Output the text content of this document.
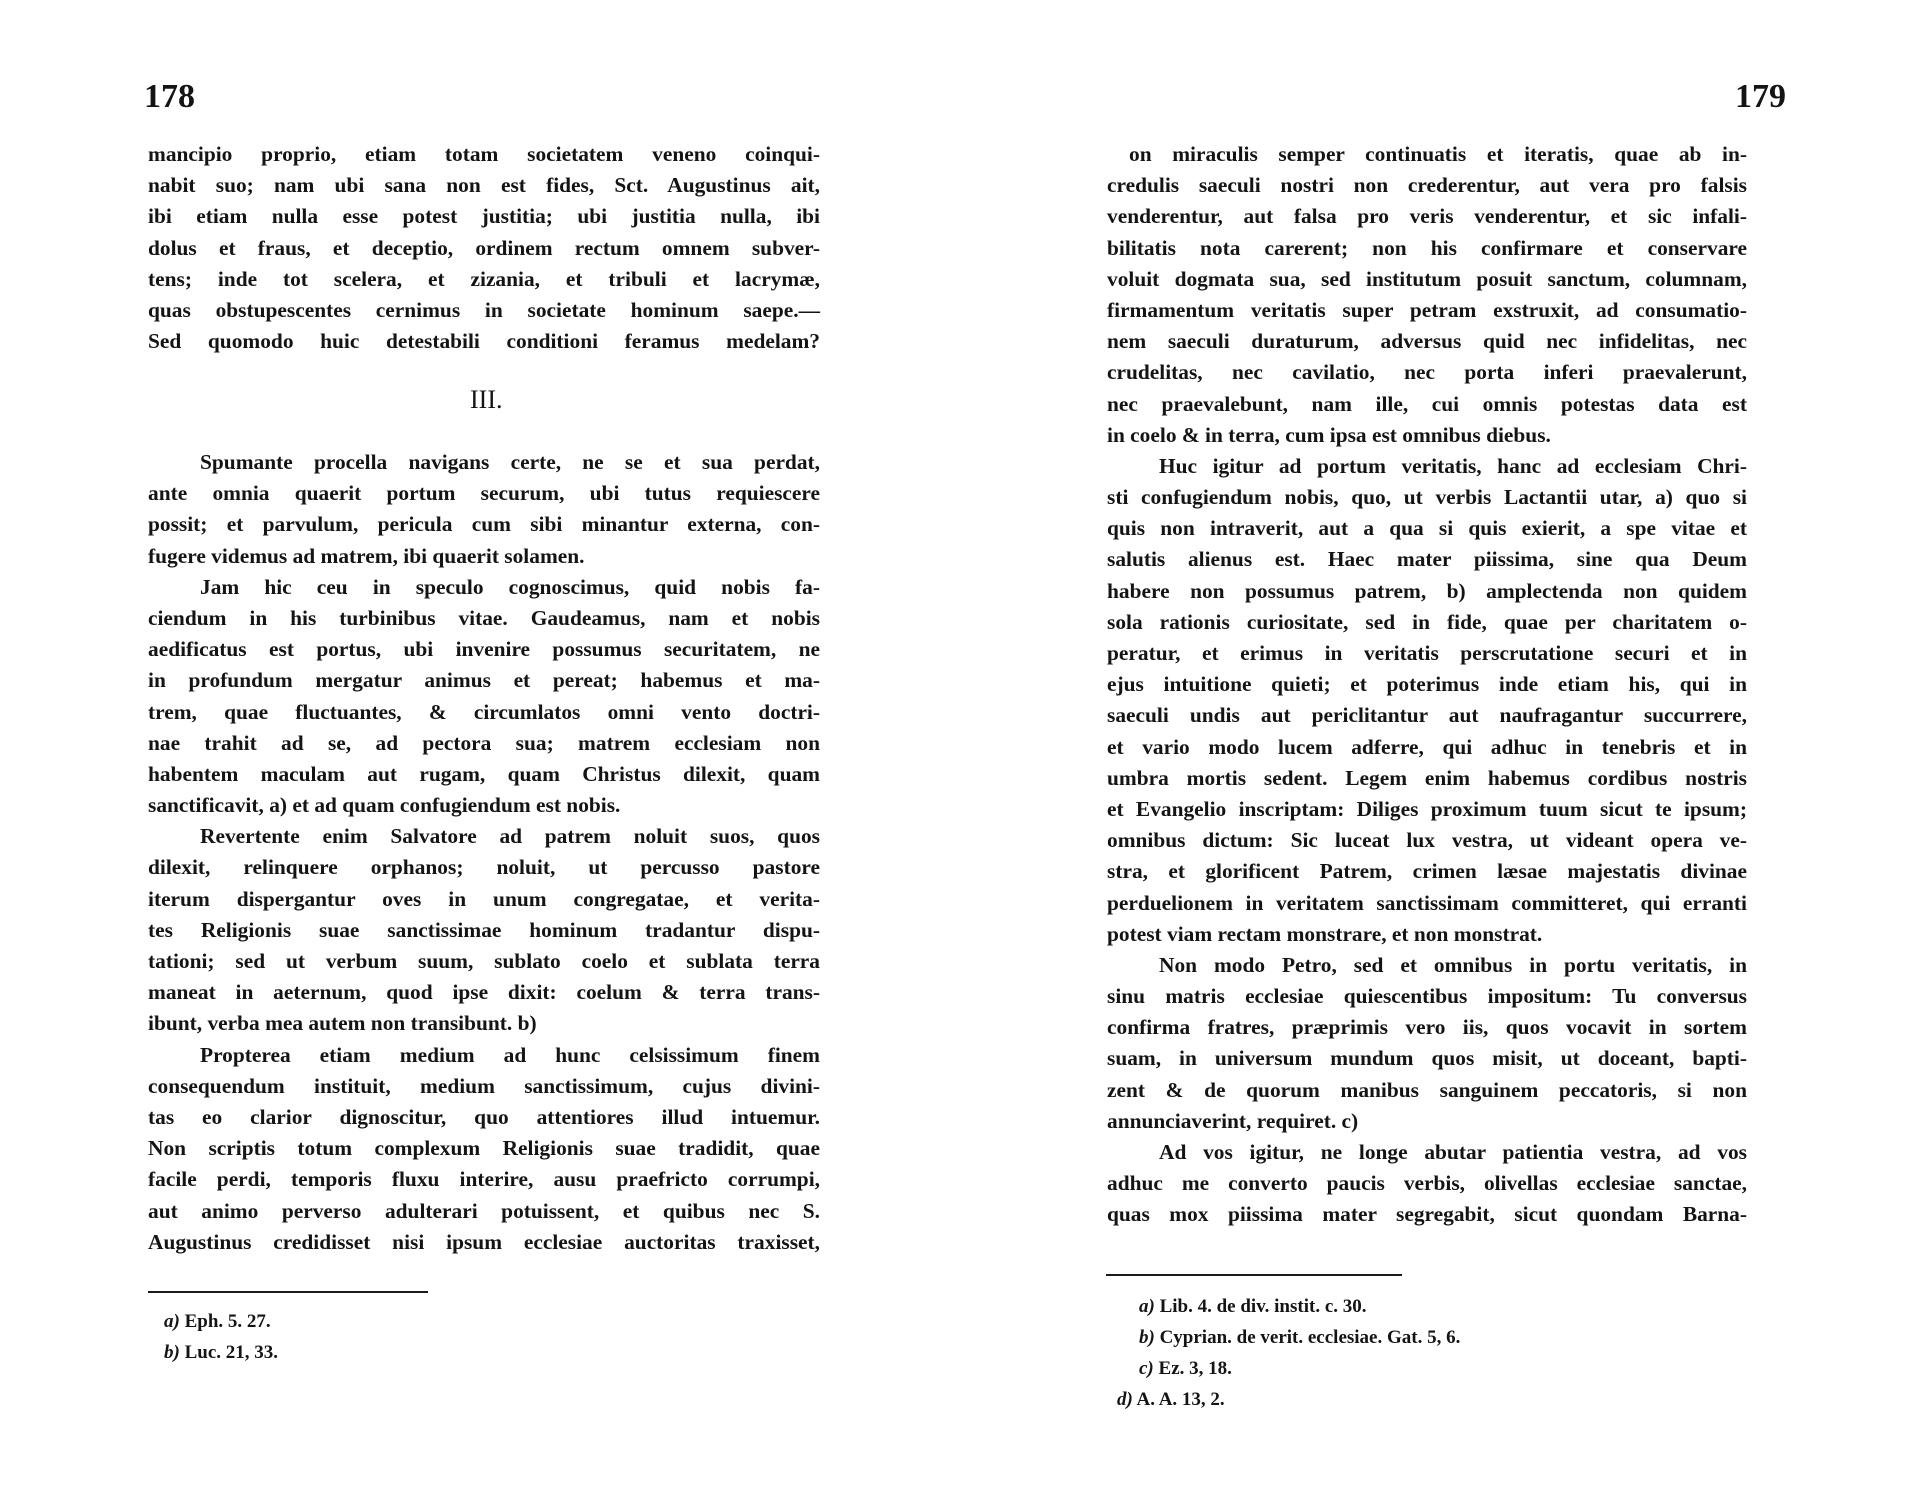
178
mancipio proprio, etiam totam societatem veneno coinqui-
nabit suo; nam ubi sana non est fides, Sct. Augustinus ait,
ibi etiam nulla esse potest justitia; ubi justitia nulla, ibi
dolus et fraus, et deceptio, ordinem rectum omnem subver-
tens; inde tot scelera, et zizania, et tribuli et lacrymæ,
quas obstupescentes cernimus in societate hominum saepe.—
Sed quomodo huic detestabili conditioni feramus medelam?
III.
Spumante procella navigans certe, ne se et sua perdat,
ante omnia quaerit portum securum, ubi tutus requiescere
possit; et parvulum, pericula cum sibi minantur externa, con-
fugere videmus ad matrem, ibi quaerit solamen.
Jam hic ceu in speculo cognoscimus, quid nobis fa-
ciendum in his turbinibus vitae. Gaudeamus, nam et nobis
aedificatus est portus, ubi invenire possumus securitatem, ne
in profundum mergatur animus et pereat; habemus et ma-
trem, quae fluctuantes, & circumlatos omni vento doctri-
nae trahit ad se, ad pectora sua; matrem ecclesiam non
habentem maculam aut rugam, quam Christus dilexit, quam
sanctificavit, a) et ad quam confugiendum est nobis.
Revertente enim Salvatore ad patrem noluit suos, quos
dilexit, relinquere orphanos; noluit, ut percusso pastore
iterum dispergantur oves in unum congregatae, et verita-
tes Religionis suae sanctissimae hominum tradantur dispu-
tationi; sed ut verbum suum, sublato coelo et sublata terra
maneat in aeternum, quod ipse dixit: coelum & terra trans-
ibunt, verba mea autem non transibunt. b)
Propterea etiam medium ad hunc celsissimum finem
consequendum instituit, medium sanctissimum, cujus divini-
tas eo clarior dignoscitur, quo attentiores illud intuemur.
Non scriptis totum complexum Religionis suae tradidit, quae
facile perdi, temporis fluxu interire, ausu praefricto corrumpi,
aut animo perverso adulterari potuissent, et quibus nec S.
Augustinus credidisset nisi ipsum ecclesiae auctoritas traxisset,
a) Eph. 5. 27.
b) Luc. 21, 33.
179
on miraculis semper continuatis et iteratis, quae ab in-
credulis saeculi nostri non crederentur, aut vera pro falsis
venderentur, aut falsa pro veris venderentur, et sic infali-
bilitatis nota carerent; non his confirmare et conservare
voluit dogmata sua, sed institutum posuit sanctum, columnam,
firmamentum veritatis super petram exstruxit, ad consumatio-
nem saeculi duraturum, adversus quid nec infidelitas, nec
crudelitas, nec cavilatio, nec porta inferi praevalerunt,
nec praevalebunt, nam ille, cui omnis potestas data est
in coelo & in terra, cum ipsa est omnibus diebus.
Huc igitur ad portum veritatis, hanc ad ecclesiam Chri-
sti confugiendum nobis, quo, ut verbis Lactantii utar, a) quo si
quis non intraverit, aut a qua si quis exierit, a spe vitae et
salutis alienus est. Haec mater piissima, sine qua Deum
habere non possumus patrem, b) amplectenda non quidem
sola rationis curiositate, sed in fide, quae per charitatem o-
peratur, et erimus in veritatis perscrutatione securi et in
ejus intuitione quieti; et poterimus inde etiam his, qui in
saeculi undis aut periclitantur aut naufragantur succurrere,
et vario modo lucem adferre, qui adhuc in tenebris et in
umbra mortis sedent. Legem enim habemus cordibus nostris
et Evangelio inscriptam: Diliges proximum tuum sicut te ipsum;
omnibus dictum: Sic luceat lux vestra, ut videant opera ve-
stra, et glorificent Patrem, crimen læsae majestatis divinae
perduelionem in veritatem sanctissimam committeret, qui erranti
potest viam rectam monstrare, et non monstrat.
Non modo Petro, sed et omnibus in portu veritatis, in
sinu matris ecclesiae quiescentibus impositum: Tu conversus
confirma fratres, præprimis vero iis, quos vocavit in sortem
suam, in universum mundum quos misit, ut doceant, bapti-
zent & de quorum manibus sanguinem peccatoris, si non
annunciaverint, requiret. c)
Ad vos igitur, ne longe abutar patientia vestra, ad vos
adhuc me converto paucis verbis, olivellas ecclesiae sanctae,
quas mox piissima mater segregabit, sicut quondam Barna-
a) Lib. 4. de div. instit. c. 30.
b) Cyprian. de verit. ecclesiae. Gat. 5, 6.
c) Ez. 3, 18.
d) A. A. 13, 2.
